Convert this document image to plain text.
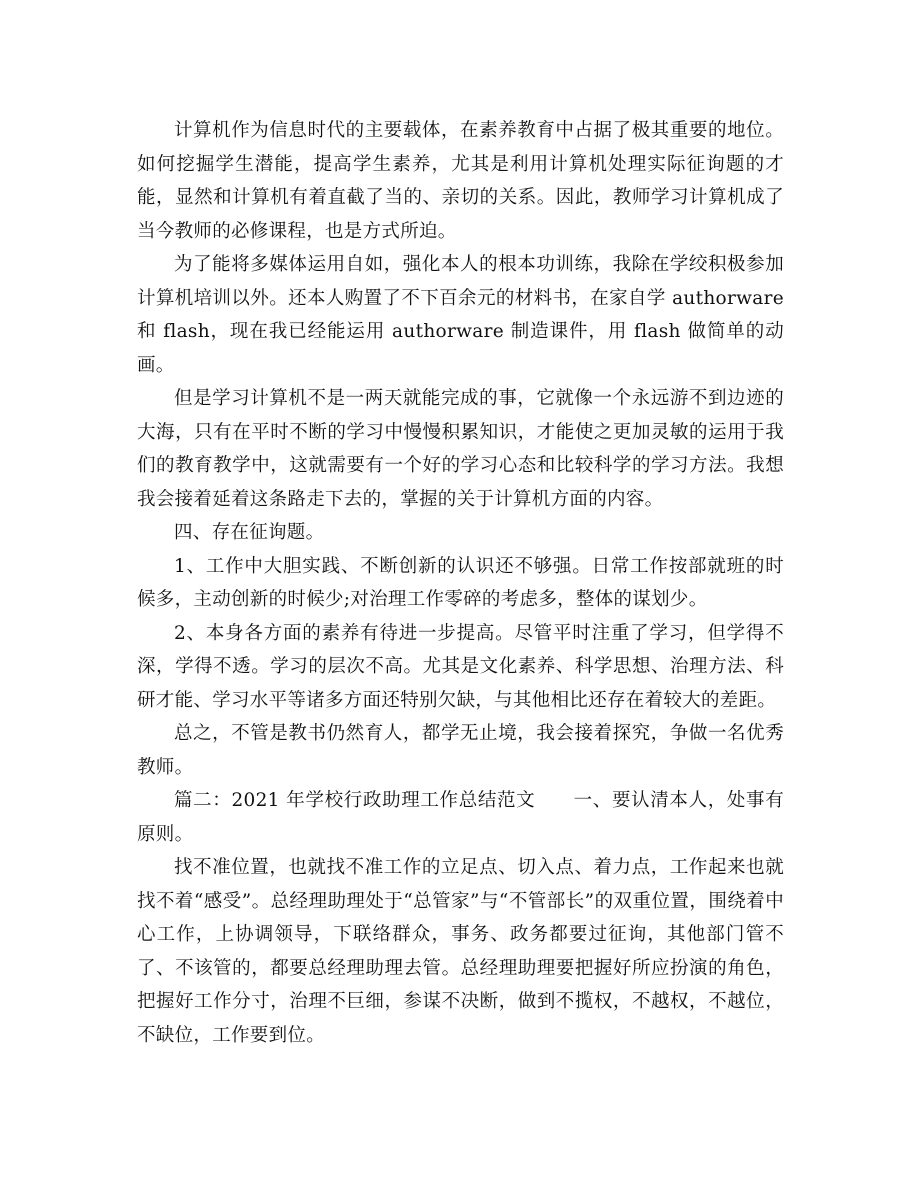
计算机作为信息时代的主要载体，在素养教育中占据了极其重要的地位。如何挖掘学生潜能，提高学生素养，尤其是利用计算机处理实际征询题的才能，显然和计算机有着直截了当的、亲切的关系。因此，教师学习计算机成了当今教师的必修课程，也是方式所迫。

为了能将多媒体运用自如，强化本人的根本功训练，我除在学绞积极参加计算机培训以外。还本人购置了不下百余元的材料书，在家自学 authorware 和 flash，现在我已经能运用 authorware 制造课件，用 flash 做简单的动画。

但是学习计算机不是一两天就能完成的事，它就像一个永远游不到边迹的大海，只有在平时不断的学习中慢慢积累知识，才能使之更加灵敏的运用于我们的教育教学中，这就需要有一个好的学习心态和比较科学的学习方法。我想我会接着延着这条路走下去的，掌握的关于计算机方面的内容。

四、存在征询题。

1、工作中大胆实践、不断创新的认识还不够强。日常工作按部就班的时候多，主动创新的时候少;对治理工作零碎的考虑多，整体的谋划少。

2、本身各方面的素养有待进一步提高。尽管平时注重了学习，但学得不深，学得不透。学习的层次不高。尤其是文化素养、科学思想、治理方法、科研才能、学习水平等诸多方面还特别欠缺，与其他相比还存在着较大的差距。

总之，不管是教书仍然育人，都学无止境，我会接着探究，争做一名优秀教师。

篇二：2021 年学校行政助理工作总结范文　　一、要认清本人，处事有原则。

找不准位置，也就找不准工作的立足点、切入点、着力点，工作起来也就找不着“感受”。总经理助理处于“总管家”与“不管部长”的双重位置，围绕着中心工作，上协调领导，下联络群众，事务、政务都要过征询，其他部门管不了、不该管的，都要总经理助理去管。总经理助理要把握好所应扮演的角色，把握好工作分寸，治理不巨细，参谋不决断，做到不揽权，不越权，不越位，不缺位，工作要到位。
